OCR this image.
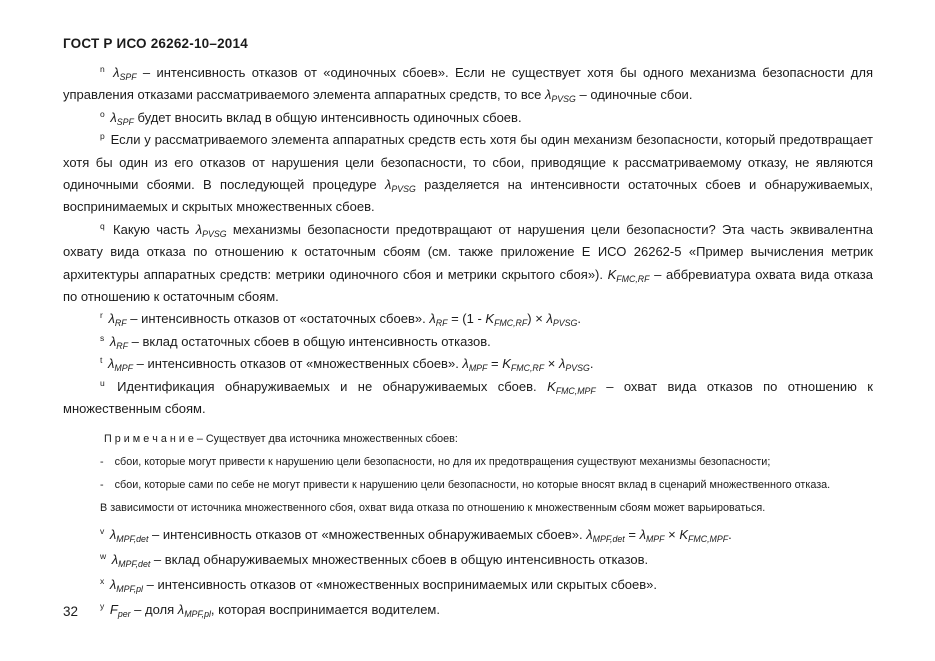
ГОСТ Р ИСО 26262-10–2014

$^n$ $\lambda_{SPF}$ – интенсивность отказов от «одиночных сбоев». Если не существует хотя бы одного механизма безопасности для управления отказами рассматриваемого элемента аппаратных средств, то все $\lambda_{PVSG}$ – одиночные сбои.

$^o$ $\lambda_{SPF}$ будет вносить вклад в общую интенсивность одиночных сбоев.

$^p$ Если у рассматриваемого элемента аппаратных средств есть хотя бы один механизм безопасности, который предотвращает хотя бы один из его отказов от нарушения цели безопасности, то сбои, приводящие к рассматриваемому отказу, не являются одиночными сбоями. В последующей процедуре $\lambda_{PVSG}$ разделяется на интенсивности остаточных сбоев и обнаруживаемых, воспринимаемых и скрытых множественных сбоев.

$^q$ Какую часть $\lambda_{PVSG}$ механизмы безопасности предотвращают от нарушения цели безопасности? Эта часть эквивалентна охвату вида отказа по отношению к остаточным сбоям (см. также приложение Е ИСО 26262-5 «Пример вычисления метрик архитектуры аппаратных средств: метрики одиночного сбоя и метрики скрытого сбоя»). $K_{FMC,RF}$ – аббревиатура охвата вида отказа по отношению к остаточным сбоям.

$^r$ $\lambda_{RF}$ – интенсивность отказов от «остаточных сбоев». $\lambda_{RF} = (1 - K_{FMC,RF}) \times \lambda_{PVSG}$.

$^s$ $\lambda_{RF}$ – вклад остаточных сбоев в общую интенсивность отказов.

$^t$ $\lambda_{MPF}$ – интенсивность отказов от «множественных сбоев». $\lambda_{MPF} = K_{FMC,RF} \times \lambda_{PVSG}$.

$^u$ Идентификация обнаруживаемых и не обнаруживаемых сбоев. $K_{FMC,MPF}$ – охват вида отказов по отношению к множественным сбоям.

П р и м е ч а н и е – Существует два источника множественных сбоев:

- сбои, которые могут привести к нарушению цели безопасности, но для их предотвращения существуют механизмы безопасности;

- сбои, которые сами по себе не могут привести к нарушению цели безопасности, но которые вносят вклад в сценарий множественного отказа.

В зависимости от источника множественного сбоя, охват вида отказа по отношению к множественным сбоям может варьироваться.

$^v$ $\lambda_{MPF,det}$ – интенсивность отказов от «множественных обнаруживаемых сбоев». $\lambda_{MPF,det} = \lambda_{MPF} \times K_{FMC,MPF}$.

$^w$ $\lambda_{MPF,det}$ – вклад обнаруживаемых множественных сбоев в общую интенсивность отказов.

$^x$ $\lambda_{MPF,pl}$ – интенсивность отказов от «множественных воспринимаемых или скрытых сбоев».

$^y$ $F_{per}$ – доля $\lambda_{MPF,pl}$, которая воспринимается водителем.

32
